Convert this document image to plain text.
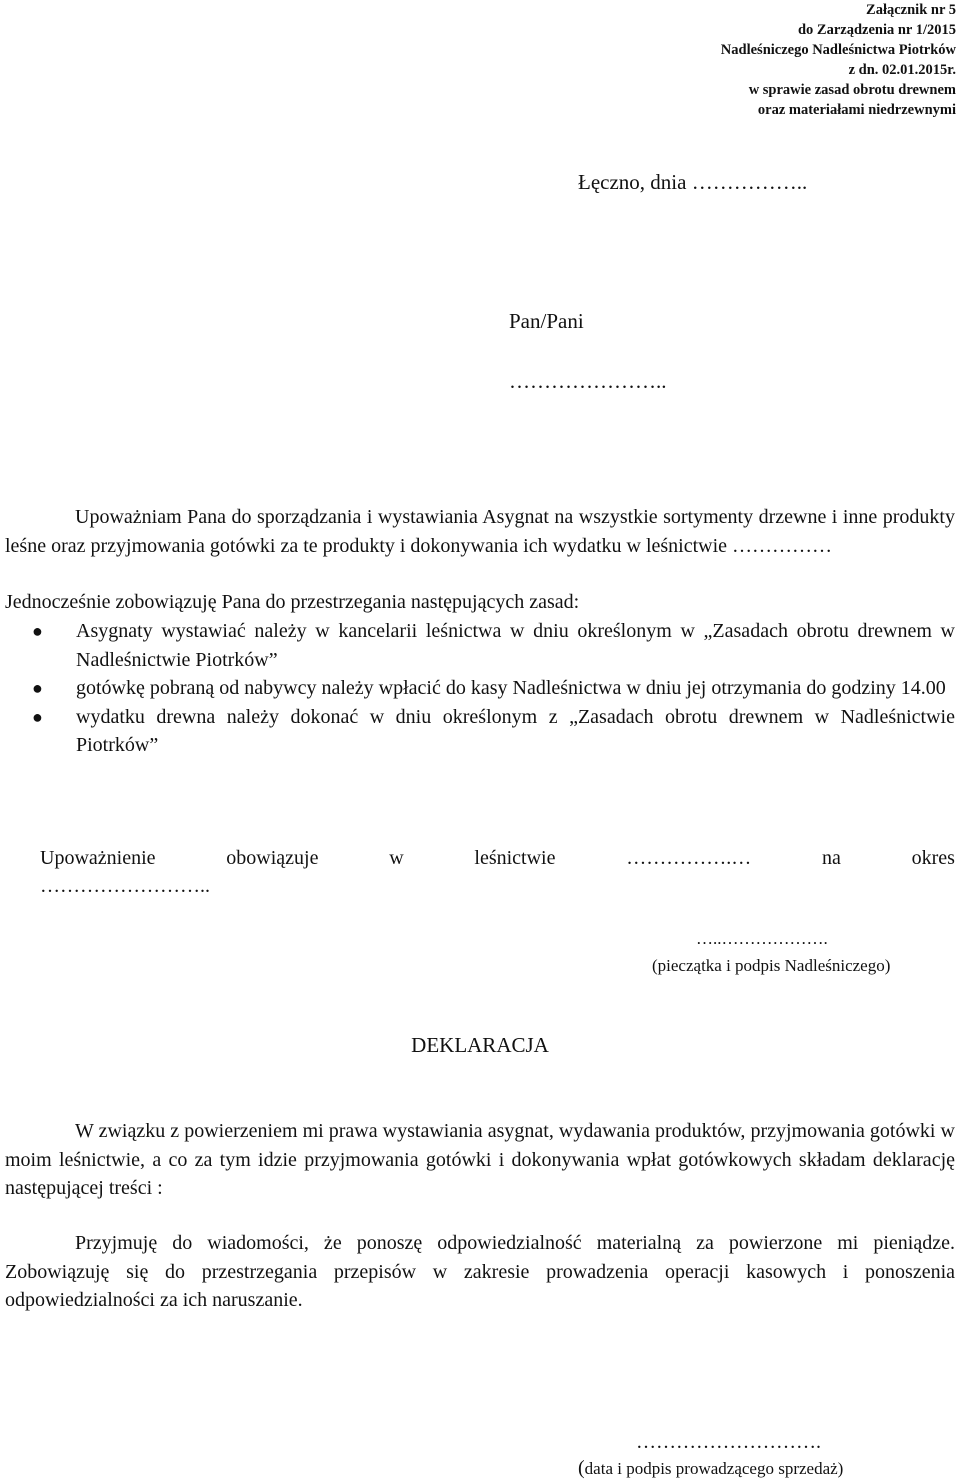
Załącznik nr 5
do Zarządzenia nr 1/2015
Nadleśniczego Nadleśnictwa Piotrków
z dn. 02.01.2015r.
w sprawie zasad obrotu drewnem
oraz materiałami niedrzewnymi
Łęczno, dnia ……………..
Pan/Pani
…………………..
Upoważniam Pana do sporządzania i wystawiania Asygnat na wszystkie sortymenty drzewne i inne produkty leśne oraz przyjmowania gotówki za te produkty i dokonywania ich wydatku w leśnictwie ……………
Jednocześnie zobowiązuję Pana do przestrzegania następujących zasad:
● Asygnaty wystawiać należy w kancelarii leśnictwa w dniu określonym w „Zasadach obrotu drewnem w Nadleśnictwie Piotrków”
● gotówkę pobraną od nabywcy należy wpłacić do kasy Nadleśnictwa w dniu jej otrzymania do godziny 14.00
● wydatku drewna należy dokonać w dniu określonym z „Zasadach obrotu drewnem w Nadleśnictwie Piotrków”
Upoważnienie	obowiązuje	w	leśnictwie	…………….…	na	okres
……………………..
…..……………….
(pieczątka i podpis Nadleśniczego)
DEKLARACJA
W związku z powierzeniem mi prawa wystawiania asygnat, wydawania produktów, przyjmowania gotówki w moim leśnictwie, a co za tym idzie przyjmowania gotówki i dokonywania wpłat gotówkowych składam deklarację następującej treści :
Przyjmuję do wiadomości, że ponoszę odpowiedzialność materialną za powierzone mi pieniądze. Zobowiązuję się do przestrzegania przepisów w zakresie prowadzenia operacji kasowych i ponoszenia odpowiedzialności za ich naruszanie.
……………………….
(data i podpis prowadzącego sprzedaż)
